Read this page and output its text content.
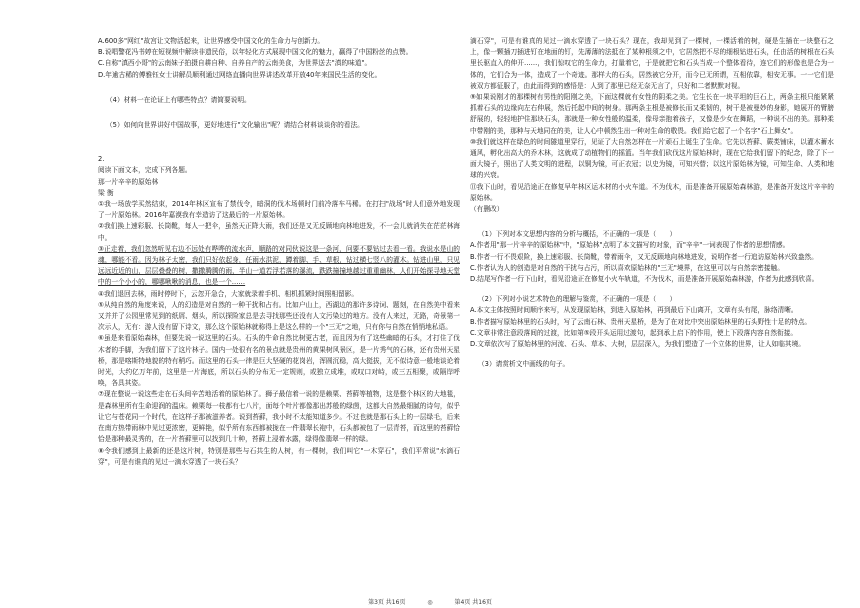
A.600多"网红"故宫让文物活起来，让世界感受中国文化的生命力与创新力。

B.说唱警花冯书婷在短视频中解读非遗民俗，以年轻化方式展现中国文化的魅力，赢得了中国粉丝的点赞。

C.自称"滇西小哥"的云南妹子拍摄自耕自种、自养自产的云南美食，为世界送去"滇的味道"。

D.年逾古稀的傅雅钰女士讲解员顺利通过网络直播向世界讲述改革开放40年来国民生活的变化。

（4）材料一在论证上有哪些特点？请简要说明。

（5）如何向世界讲好中国故事，更好地进行"文化输出"呢？请结合材料谈谈你的看法。

2.

阅读下面文本，完成下列各题。

那一片辛辛的原始林

梁 衡

①我一场放学买然结束，2014年林区宣布了禁伐令，暗洞的伐木场顿时门前冷落车马稀。在打扫"战场"时人们意外地发现了一片原始林。2016年嘉漠我有幸造访了这最后的一片原始林。

②我们换上速彩服、长筒靴，每人一把伞，虽然天正降大雨，我们还是又无反顾地向林地进发，不一会儿就消失在茫茫林海中。

③正走着，我们忽然听见右边不远处有哗哗的流水声，顺路的对同伙说这是一条河，问要不要钻过去看一看。我说水是山的魂，哪能不看。因为林子太密，我们只好依起身，任雨水洪泥，蹲着脚、手、草根，钻过横七竖八的灌木。钻进山里，只见远远近近的山，层层叠叠的树，撒撒腾腾的雨，半山一道若浮若落的瀑流，跌跌撞撞地越过重重幽林，人们开始探寻地天堂中的一个小小的，哪哪啾啾的消息，也是一个……

④我们退回去林，雨时停时下，云忽开急合，大家就录着手机、相机抓紧时间照相留影。

⑤从纯自然的角度来说，人的幻造是对自然的一种干扰和占有。比如户山上，西湖边的那许多诗词、题刻，在自然美中看来又并并了公园里常见到的纸屑、烟头，所以探险家总是去寻找那些还没有人文污染过的地方。没有人来过，无路，奇景第一次示人，无有：游人没有留下诗文，那么这个原始林就称得上是这么样的一个"三无"之地，只有你与自然在悄悄地私语。

⑥虽是来看原始森林，但要先说一说这里的石头。石头的牛命自然比树更古老，而且因为有了这些幽暗的石头，才打住了伐木者的手脚，为我们留下了这片林子。国内一处很有名的景点就是贵州的黄果树风景区，是一片秀气的石林，还有贵州天星桥，那是喀斯特地貌的特有稍巧。而这里的石头一律是巨大坚硬的花岗岩，浑圆沉稳，高大挺拔，无不似诗意一般地谈论着时光，大约亿万年前，这里是一片海底，所以石头的分布无一定规则，或独立成堆，或叹口对峙，或三五相聚，或隔岸呼唤，各具其姿。

⑦现在整说一说这些走在石头间辛苦地活着的原始林了。狮子最信着一说的是赖栗、苔藓等植物，这是整个林区的大地毯，是森林里所有生命迎润的温床。赖栗每一枝都有七八片，面每个叶片都像那出苏般的绿茵，这都大自然最细腻的诗句，似乎让它与苍花同一个时代，在这样子那被滋养者。说到苔藓，我小时不太能知道多少。不过也就是那石头上的一层绿毛，后来在南方热带雨林中见过更浓密，更鲜艳，似乎所有东西都被拢在一件翡翠长袍中，石头都被包了一层青苔，而这里的苔藓恰恰是那种最灵秀的，在一片苔藓里可以找到几十种，苔藓上浸着水露，绿得像翡翠一样的绿。

⑧令我们感到上最新的还是这片树，特别是那些与石共生的人树，有一棵树，我们叫它"一木穿石"，我们平常说"水滴石穿"，可是有谁真的见过一滴水穿透了一块石头？

滴石穿"，可是有谁真的见过一滴水穿透了一块石头？现在，我却见到了一棵树，一棵活着的树，硬是生插在一块整石之上，像一颗插刀插进钉在地面的钉，先薄薄的法抵在了某种根须之中，它居然把不尽的细根钻进石头，任由活的树根在石头里长驱直入的伸开……，我们惊叹它的生命力，打量着它，于是就把它和石头当成一个整体看待，连它们的形像也是合为一体的，它们合为一体，造成了一个奇迹。那样大的石头，居然被它分开，而今已无所谓，互相依靠，相安无事。一一它们是被双方都征服了，由此而得到的感悟是：人到了那里已经无奈无言了，只好和二者默默对视。

⑨如果说刚才的那棵树有男性的阳刚之美，下面这棵就有女性的阴柔之美。它生长在一块平坦的巨石上，两条主根只能紧紧抓着石头的边缘向左右伸展，然后托起中间的树身。那两条主根是被修长而又柔韧的，树干是被曼妙的身影，她展开的臂膀舒展的，轻轻地护住那块石头，那就是一种女性般的温柔，像母亲抱着孩子，又像是少女在舞蹈，一种说不出的美。那种柔中带刚的美，那种与天地同在的美，让人心中顿然生出一种对生命的敬畏。我们给它起了一个名字"石上舞女"。

⑩我们就这样在绿色的时间隧道里穿行，见证了大自然怎样在一片顽石上诞生了生命。它先以苔藓、蕨类铺床，以灌木蓄水通风，孵化出高大的乔木林，这就成了动植物们的摇篮。当年我们砍伐这片原始林时，现在它给我们留下的纪念，除了下一面大镜子，照出了人类文明的进程，以铜为镜，可正衣冠；以史为镜，可知兴替；以这片原始林为镜，可知生命、人类和地球的兴衰。

⑪我下山时，看见沿途正在修复早年林区运木材的小火车道。不为伐木，而是准备开展原始森林游，是准备开发这片辛辛的原始林。

（有删改）

（1）下列对本文思想内容的分析与概括，不正确的一项是（　　）

A.作者用"那一片辛辛的原始林"中，"原始林"点明了本文描写的对象，而"辛辛"一词表现了作者的思想情感。

B.作者一行不畏艰险，换上速彩服、长筒靴，带着雨伞，又无反顾地向林地进发，说明作者一行追访原始林兴致盎然。

C.作者认为人的创造是对自然的干扰与占污，所以喜欢原始林的"三无"境界，在这里可以与自然亲密接触。

D.结尾写作者一行下山时，看见沿途正在修复小火车轨道，不为伐木，而是准备开展原始森林游，作者为此感到欣喜。

（2）下列对小说艺术特色的理解与鉴赏，不正确的一项是（　　）

A.本文主体按照时间顺序来写，从发现原始林，到进入原始林，再到最后下山离开，文章有头有尾，脉络清晰。

B.作者描写原始林里的石头时，写了云南石林、贵州天星桥，是为了在对比中突出原始林里的石头野性十足的特点。

C.文章非常注意段落间的过渡，比如第⑤段开头运用过渡句，起到承上启下的作用，使上下段落内容自然衔接。

D.文章依次写了原始林里的河流、石头、草本、大树，层层深入，为我们塑造了一个立体的世界，让人如临其境。

（3）请赏析文中画线的句子。

第3页 共16页	◎	第4页 共16页
